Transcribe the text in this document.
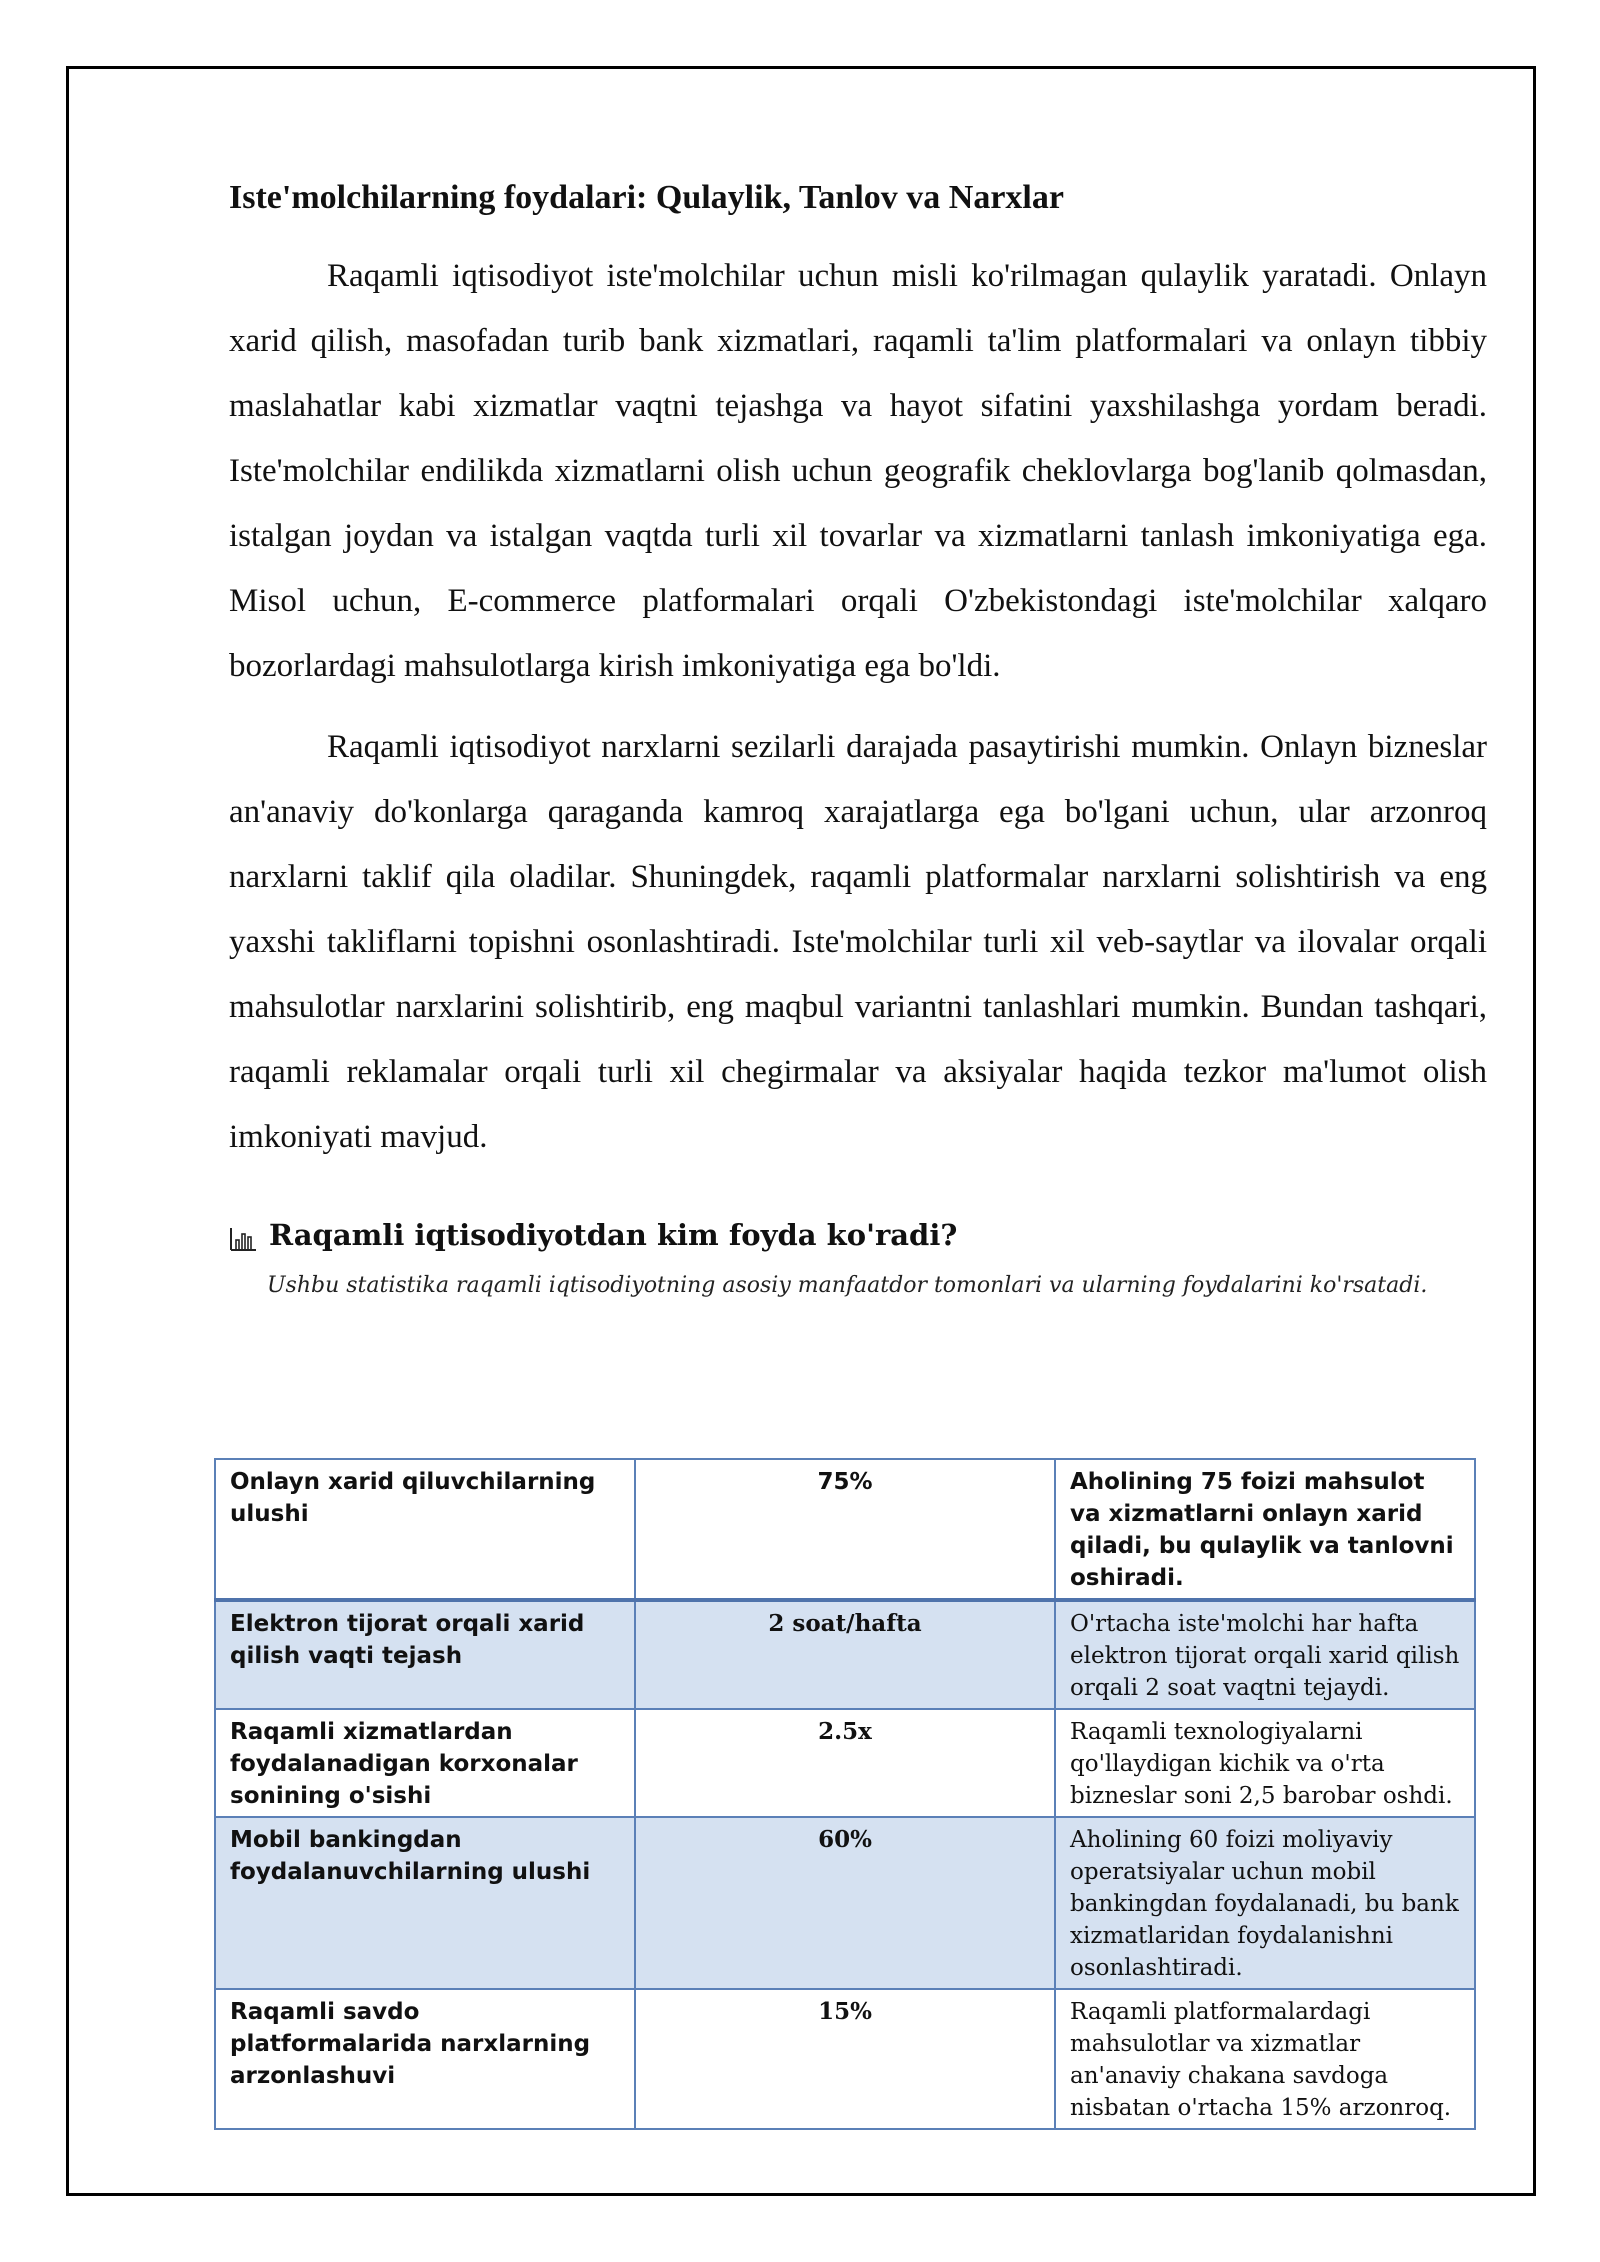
Iste'molchilarning foydalari: Qulaylik, Tanlov va Narxlar

Raqamli iqtisodiyot iste'molchilar uchun misli ko'rilmagan qulaylik yaratadi. Onlayn xarid qilish, masofadan turib bank xizmatlari, raqamli ta'lim platformalari va onlayn tibbiy maslahatlar kabi xizmatlar vaqtni tejashga va hayot sifatini yaxshilashga yordam beradi. Iste'molchilar endilikda xizmatlarni olish uchun geografik cheklovlarga bog'lanib qolmasdan, istalgan joydan va istalgan vaqtda turli xil tovarlar va xizmatlarni tanlash imkoniyatiga ega. Misol uchun, E-commerce platformalari orqali O'zbekistondagi iste'molchilar xalqaro bozorlardagi mahsulotlarga kirish imkoniyatiga ega bo'ldi.

Raqamli iqtisodiyot narxlarni sezilarli darajada pasaytirishi mumkin. Onlayn bizneslar an'anaviy do'konlarga qaraganda kamroq xarajatlarga ega bo'lgani uchun, ular arzonroq narxlarni taklif qila oladilar. Shuningdek, raqamli platformalar narxlarni solishtirish va eng yaxshi takliflarni topishni osonlashtiradi. Iste'molchilar turli xil veb-saytlar va ilovalar orqali mahsulotlar narxlarini solishtirib, eng maqbul variantni tanlashlari mumkin. Bundan tashqari, raqamli reklamalar orqali turli xil chegirmalar va aksiyalar haqida tezkor ma'lumot olish imkoniyati mavjud.

Raqamli iqtisodiyotdan kim foyda ko'radi?
Ushbu statistika raqamli iqtisodiyotning asosiy manfaatdor tomonlari va ularning foydalarini ko'rsatadi.
Onlayn xarid qiluvchilarning ulushi	75%	Aholining 75 foizi mahsulot va xizmatlarni onlayn xarid qiladi, bu qulaylik va tanlovni oshiradi.
Elektron tijorat orqali xarid qilish vaqti tejash	2 soat/hafta	O'rtacha iste'molchi har hafta elektron tijorat orqali xarid qilish orqali 2 soat vaqtni tejaydi.
Raqamli xizmatlardan foydalanadigan korxonalar sonining o'sishi	2.5x	Raqamli texnologiyalarni qo'llaydigan kichik va o'rta bizneslar soni 2,5 barobar oshdi.
Mobil bankingdan foydalanuvchilarning ulushi	60%	Aholining 60 foizi moliyaviy operatsiyalar uchun mobil bankingdan foydalanadi, bu bank xizmatlaridan foydalanishni osonlashtiradi.
Raqamli savdo platformalarida narxlarning arzonlashuvi	15%	Raqamli platformalardagi mahsulotlar va xizmatlar an'anaviy chakana savdoga nisbatan o'rtacha 15% arzonroq.
